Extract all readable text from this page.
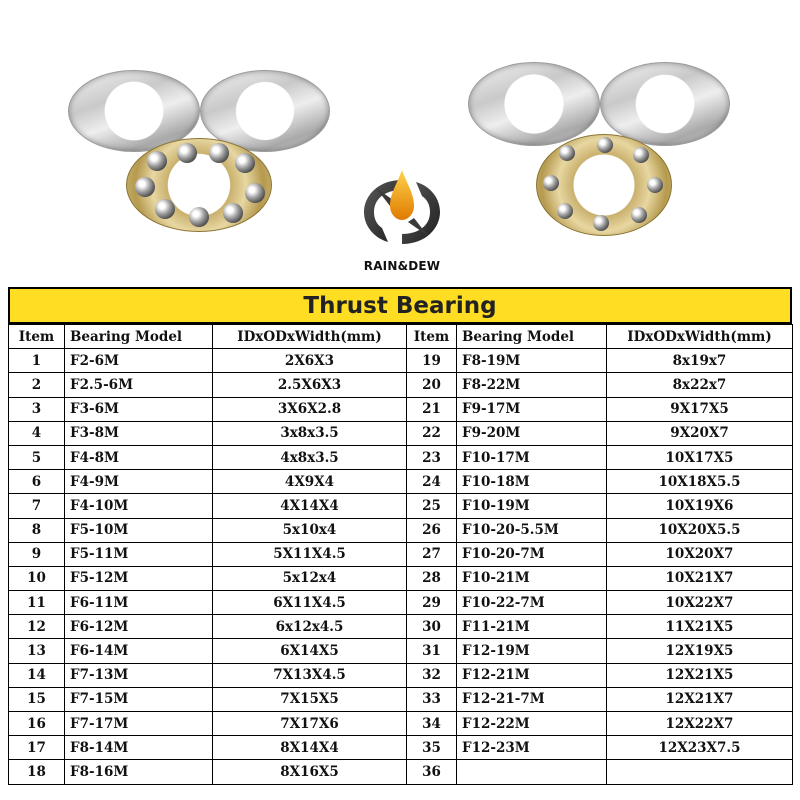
RAIN&DEW
Thrust Bearing
Item	Bearing Model	IDxODxWidth(mm)	Item	Bearing Model	IDxODxWidth(mm)
1	F2-6M	2X6X3	19	F8-19M	8x19x7
2	F2.5-6M	2.5X6X3	20	F8-22M	8x22x7
3	F3-6M	3X6X2.8	21	F9-17M	9X17X5
4	F3-8M	3x8x3.5	22	F9-20M	9X20X7
5	F4-8M	4x8x3.5	23	F10-17M	10X17X5
6	F4-9M	4X9X4	24	F10-18M	10X18X5.5
7	F4-10M	4X14X4	25	F10-19M	10X19X6
8	F5-10M	5x10x4	26	F10-20-5.5M	10X20X5.5
9	F5-11M	5X11X4.5	27	F10-20-7M	10X20X7
10	F5-12M	5x12x4	28	F10-21M	10X21X7
11	F6-11M	6X11X4.5	29	F10-22-7M	10X22X7
12	F6-12M	6x12x4.5	30	F11-21M	11X21X5
13	F6-14M	6X14X5	31	F12-19M	12X19X5
14	F7-13M	7X13X4.5	32	F12-21M	12X21X5
15	F7-15M	7X15X5	33	F12-21-7M	12X21X7
16	F7-17M	7X17X6	34	F12-22M	12X22X7
17	F8-14M	8X14X4	35	F12-23M	12X23X7.5
18	F8-16M	8X16X5	36		
